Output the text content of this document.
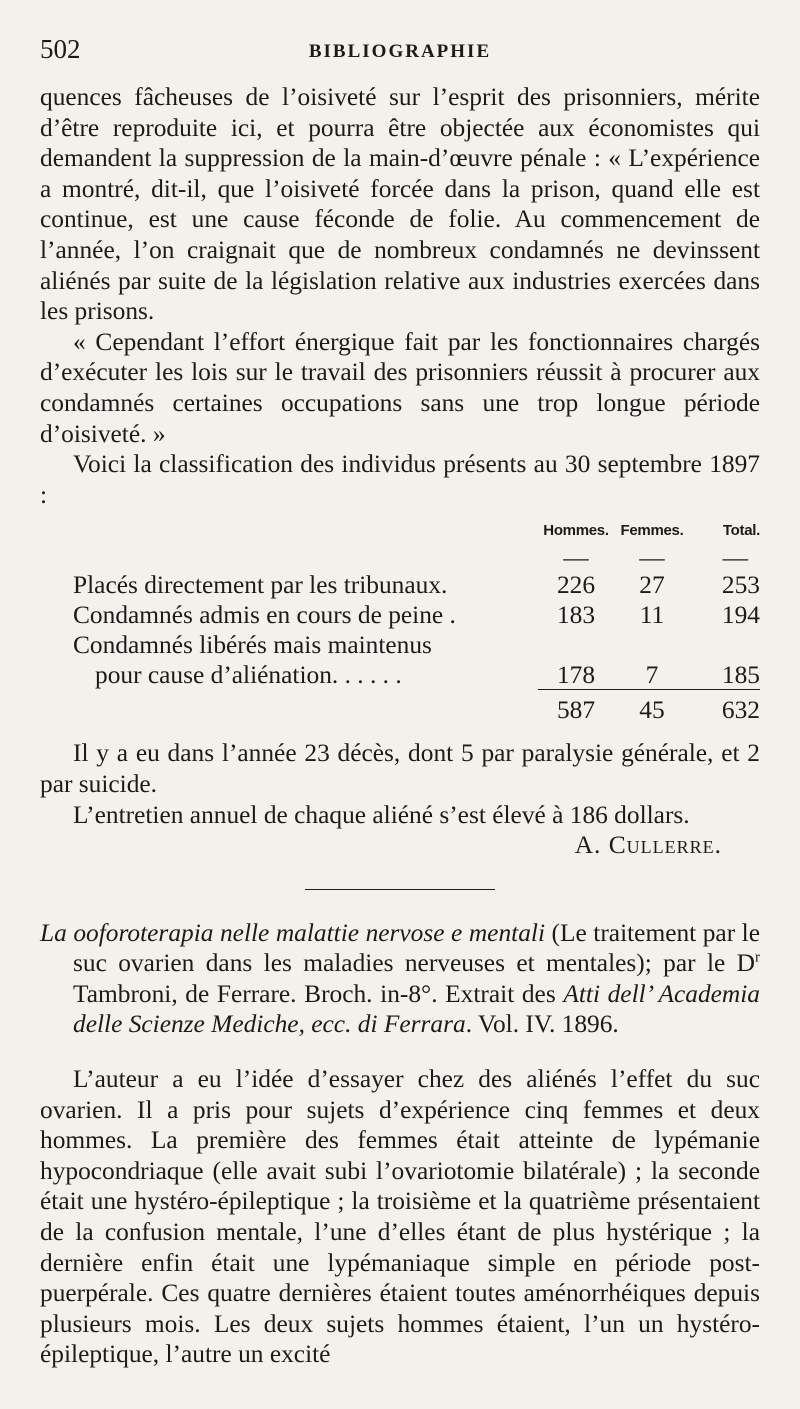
502	BIBLIOGRAPHIE

quences fâcheuses de l’oisiveté sur l’esprit des prisonniers, mérite d’être reproduite ici, et pourra être objectée aux économistes qui demandent la suppression de la main-d’œuvre pénale : « L’expérience a montré, dit-il, que l’oisiveté forcée dans la prison, quand elle est continue, est une cause féconde de folie. Au commencement de l’année, l’on craignait que de nombreux condamnés ne devinssent aliénés par suite de la législation relative aux industries exercées dans les prisons.

« Cependant l’effort énergique fait par les fonctionnaires chargés d’exécuter les lois sur le travail des prisonniers réussit à procurer aux condamnés certaines occupations sans une trop longue période d’oisiveté. »

Voici la classification des individus présents au 30 septembre 1897 :

Hommes. Femmes.	Total.
—	—	—
Placés directement par les tribunaux.	226	27	253
Condamnés admis en cours de peine .	183	11	194
Condamnés libérés mais maintenus
pour cause d’aliénation. . . . . .	178	7	185
587	45	632

Il y a eu dans l’année 23 décès, dont 5 par paralysie générale, et 2 par suicide.

L’entretien annuel de chaque aliéné s’est élevé à 186 dollars.

A. Cullerre.

La ooforoterapia nelle malattie nervose e mentali (Le traitement par le suc ovarien dans les maladies nerveuses et mentales); par le $D^r$ Tambroni, de Ferrare. Broch. in-8°. Extrait des Atti dell’ Academia delle Scienze Mediche, ecc. di Ferrara. Vol. IV. 1896.

L’auteur a eu l’idée d’essayer chez des aliénés l’effet du suc ovarien. Il a pris pour sujets d’expérience cinq femmes et deux hommes. La première des femmes était atteinte de lypémanie hypocondriaque (elle avait subi l’ovariotomie bilatérale) ; la seconde était une hystéro-épileptique ; la troisième et la quatrième présentaient de la confusion mentale, l’une d’elles étant de plus hystérique ; la dernière enfin était une lypémaniaque simple en période post-puerpérale. Ces quatre dernières étaient toutes aménorrhéiques depuis plusieurs mois. Les deux sujets hommes étaient, l’un un hystéro-épileptique, l’autre un excité
